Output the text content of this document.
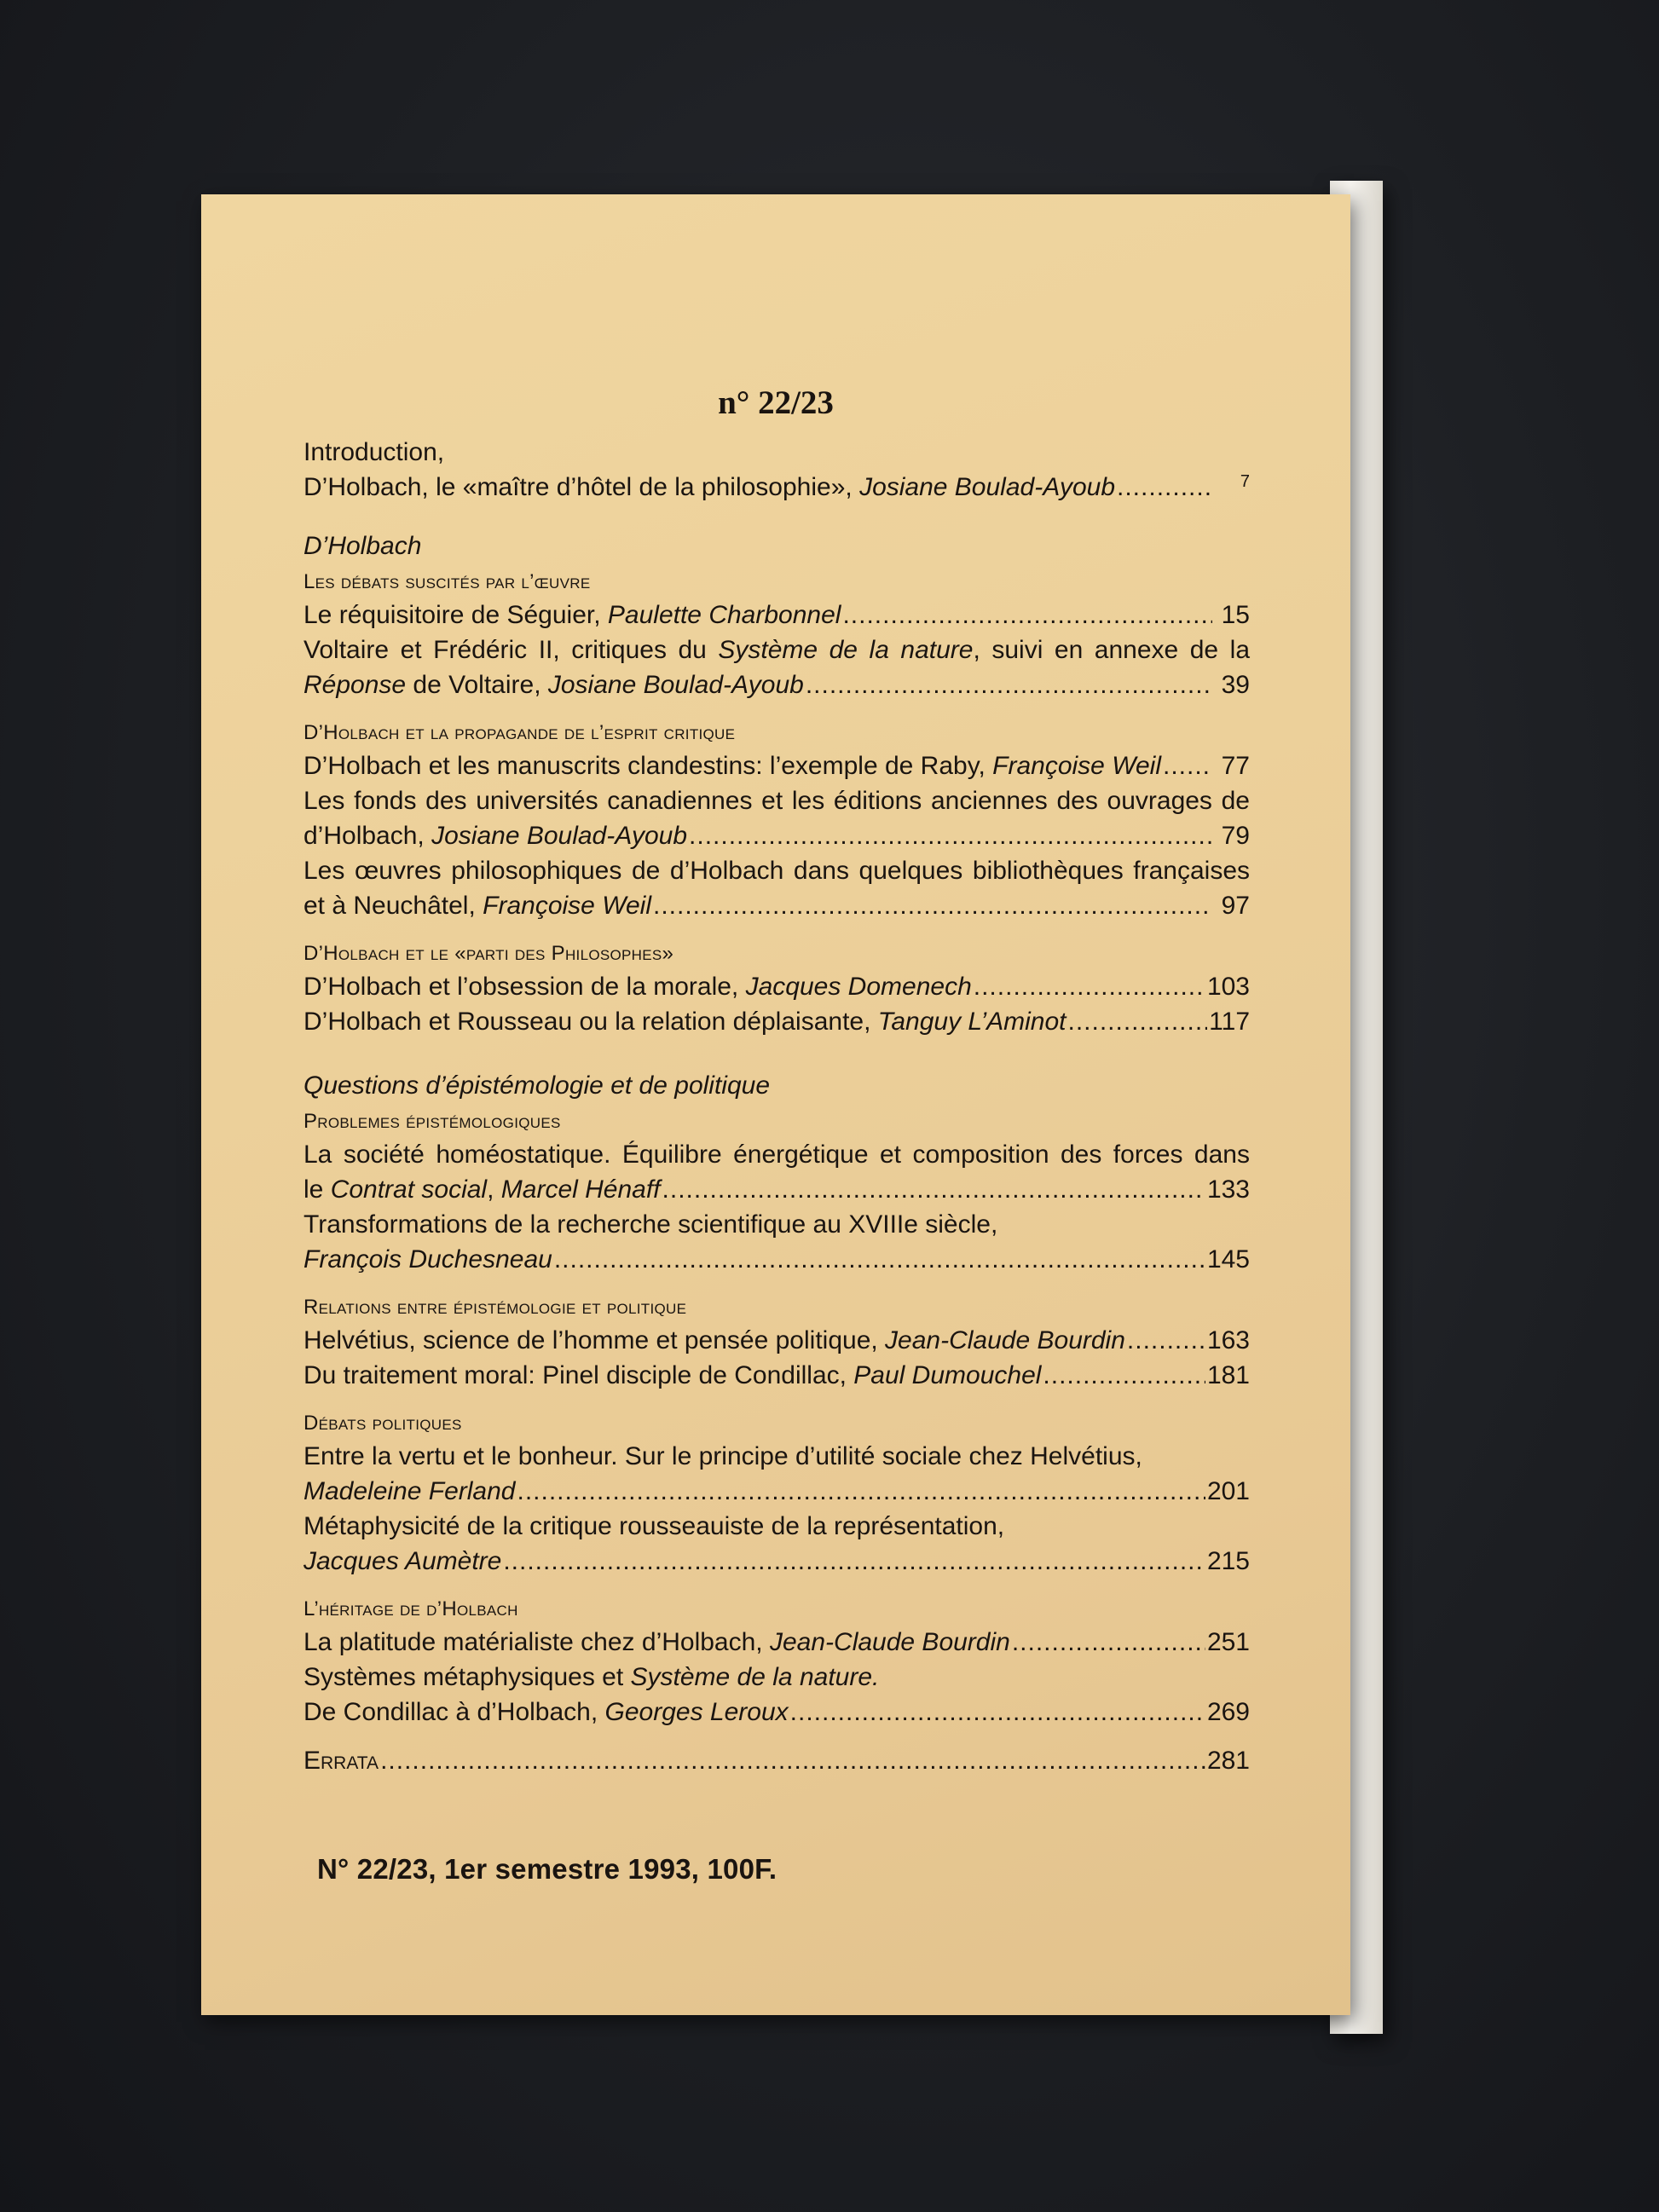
n° 22/23
Introduction,
D’Holbach, le «maître d’hôtel de la philosophie», Josiane Boulad-Ayoub .....	7
D’Holbach
Les débats suscités par l’œuvre
Le réquisitoire de Séguier, Paulette Charbonnel .....	15
Voltaire et Frédéric II, critiques du Système de la nature, suivi en annexe de la
Réponse de Voltaire, Josiane Boulad-Ayoub .....	39
D’Holbach et la propagande de l’esprit critique
D’Holbach et les manuscrits clandestins: l’exemple de Raby, Françoise Weil ..... 77
Les fonds des universités canadiennes et les éditions anciennes des ouvrages de
d’Holbach, Josiane Boulad-Ayoub .....	79
Les œuvres philosophiques de d’Holbach dans quelques bibliothèques françaises
et à Neuchâtel, Françoise Weil .....	97
D’Holbach et le «parti des Philosophes»
D’Holbach et l’obsession de la morale, Jacques Domenech .....	103
D’Holbach et Rousseau ou la relation déplaisante, Tanguy L’Aminot .....	117
Questions d’épistémologie et de politique
Problemes épistémologiques
La société homéostatique. Équilibre énergétique et composition des forces dans
le Contrat social, Marcel Hénaff .....	133
Transformations de la recherche scientifique au XVIIIe siècle,
François Duchesneau .....	145
Relations entre épistémologie et politique
Helvétius, science de l’homme et pensée politique, Jean-Claude Bourdin .....	163
Du traitement moral: Pinel disciple de Condillac, Paul Dumouchel .....	181
Débats politiques
Entre la vertu et le bonheur. Sur le principe d’utilité sociale chez Helvétius,
Madeleine Ferland .....	201
Métaphysicité de la critique rousseauiste de la représentation,
Jacques Aumètre .....	215
L’héritage de d’Holbach
La platitude matérialiste chez d’Holbach, Jean-Claude Bourdin .....	251
Systèmes métaphysiques et Système de la nature.
De Condillac à d’Holbach, Georges Leroux .....	269
Errata .....	281
N° 22/23, 1er semestre 1993, 100F.
